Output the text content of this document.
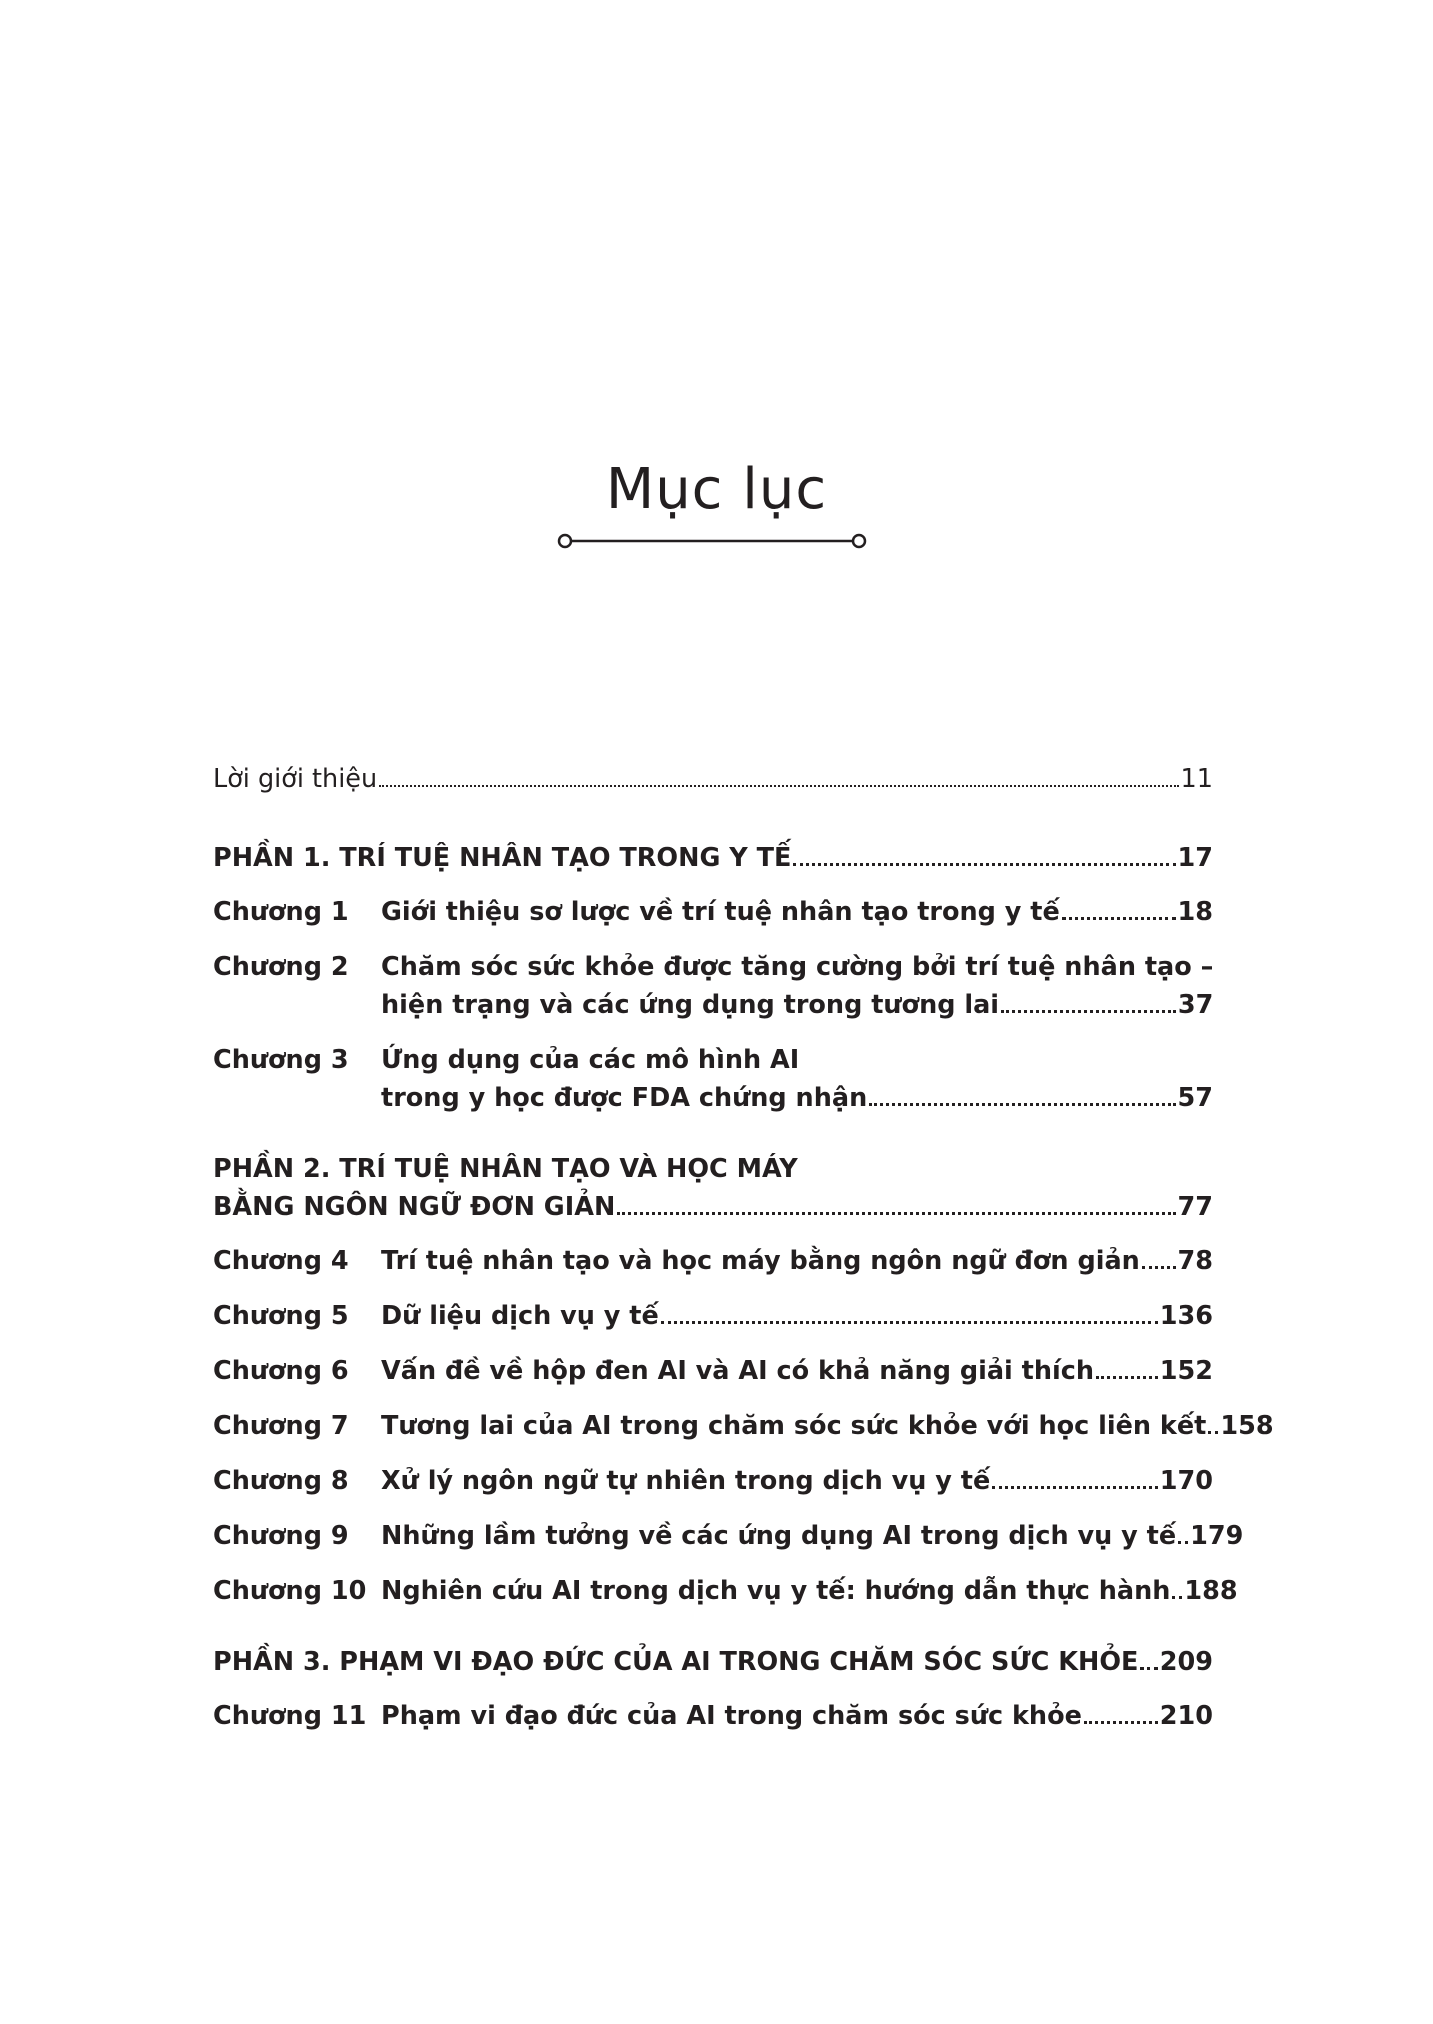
Mục lục
Lời giới thiệu	11
PHẦN 1. TRÍ TUỆ NHÂN TẠO TRONG Y TẾ	17
Chương 1	Giới thiệu sơ lược về trí tuệ nhân tạo trong y tế	18
Chương 2	Chăm sóc sức khỏe được tăng cường bởi trí tuệ nhân tạo –
hiện trạng và các ứng dụng trong tương lai	37
Chương 3	Ứng dụng của các mô hình AI
trong y học được FDA chứng nhận	57
PHẦN 2. TRÍ TUỆ NHÂN TẠO VÀ HỌC MÁY
BẰNG NGÔN NGỮ ĐƠN GIẢN	77
Chương 4	Trí tuệ nhân tạo và học máy bằng ngôn ngữ đơn giản 78
Chương 5	Dữ liệu dịch vụ y tế	136
Chương 6	Vấn đề về hộp đen AI và AI có khả năng giải thích	152
Chương 7	Tương lai của AI trong chăm sóc sức khỏe với học liên kết 158
Chương 8	Xử lý ngôn ngữ tự nhiên trong dịch vụ y tế	170
Chương 9	Những lầm tưởng về các ứng dụng AI trong dịch vụ y tế 179
Chương 10 Nghiên cứu AI trong dịch vụ y tế: hướng dẫn thực hành 188
PHẦN 3. PHẠM VI ĐẠO ĐỨC CỦA AI TRONG CHĂM SÓC SỨC KHỎE 209
Chương 11 Phạm vi đạo đức của AI trong chăm sóc sức khỏe	210
